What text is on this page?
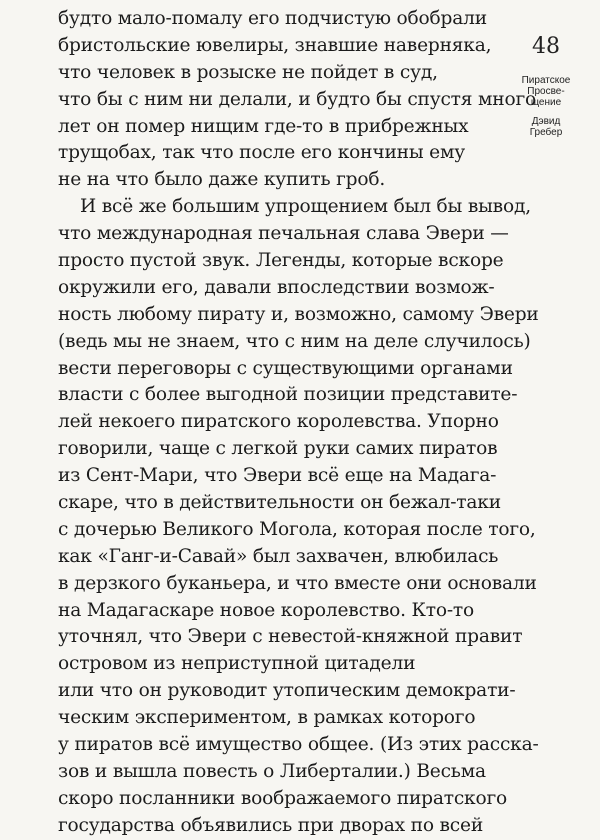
будто мало-помалу его подчистую обобрали
бристольские ювелиры, знавшие наверняка,
что человек в розыске не пойдет в суд,
что бы с ним ни делали, и будто бы спустя много
лет он помер нищим где-то в прибрежных
трущобах, так что после его кончины ему
не на что было даже купить гроб.
И всё же большим упрощением был бы вывод,
что международная печальная слава Эвери —
просто пустой звук. Легенды, которые вскоре
окружили его, давали впоследствии возмож-
ность любому пирату и, возможно, самому Эвери
(ведь мы не знаем, что с ним на деле случилось)
вести переговоры с существующими органами
власти с более выгодной позиции представите-
лей некоего пиратского королевства. Упорно
говорили, чаще с легкой руки самих пиратов
из Сент-Мари, что Эвери всё еще на Мадага-
скаре, что в действительности он бежал-таки
с дочерью Великого Могола, которая после того,
как «Ганг-и-Савай» был захвачен, влюбилась
в дерзкого буканьера, и что вместе они основали
на Мадагаскаре новое королевство. Кто-то
уточнял, что Эвери с невестой-княжной правит
островом из неприступной цитадели
или что он руководит утопическим демократи-
ческим экспериментом, в рамках которого
у пиратов всё имущество общее. (Из этих расска-
зов и вышла повесть о Либерталии.) Весьма
скоро посланники воображаемого пиратского
государства объявились при дворах по всей
48
Пиратское
Просве-
щение
Дэвид
Гребер
